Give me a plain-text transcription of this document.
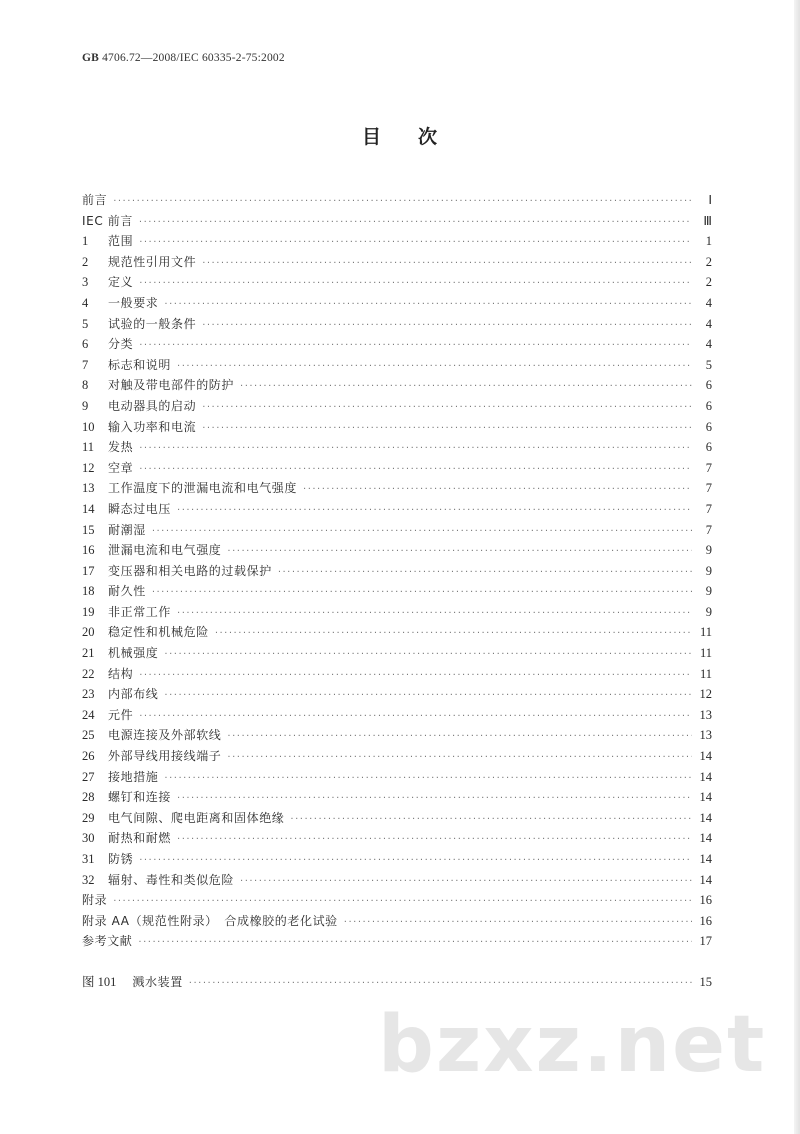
GB 4706.72—2008/IEC 60335-2-75:2002
目 次
前言 ·····	Ⅰ
IEC 前言 ·····	Ⅲ
1	范围 ·····	1
2	规范性引用文件 ·····	2
3	定义 ·····	2
4	一般要求 ·····	4
5	试验的一般条件 ·····	4
6	分类 ·····	4
7	标志和说明 ·····	5
8	对触及带电部件的防护 ·····	6
9	电动器具的启动 ·····	6
10	输入功率和电流 ·····	6
11	发热 ·····	6
12	空章 ·····	7
13	工作温度下的泄漏电流和电气强度 ·····	7
14	瞬态过电压 ·····	7
15	耐潮湿 ·····	7
16	泄漏电流和电气强度 ·····	9
17	变压器和相关电路的过载保护 ·····	9
18	耐久性 ·····	9
19	非正常工作 ·····	9
20	稳定性和机械危险 ·····	11
21	机械强度 ·····	11
22	结构 ·····	11
23	内部布线 ·····	12
24	元件 ·····	13
25	电源连接及外部软线 ·····	13
26	外部导线用接线端子 ·····	14
27	接地措施 ·····	14
28	螺钉和连接 ·····	14
29	电气间隙、爬电距离和固体绝缘 ·····	14
30	耐热和耐燃 ·····	14
31	防锈 ·····	14
32	辐射、毒性和类似危险 ·····	14
附录 ·····	16
附录 AA（规范性附录）　合成橡胶的老化试验 ·····	16
参考文献 ·····	17
图 101 溅水装置 ·····	15
bzxz.net
